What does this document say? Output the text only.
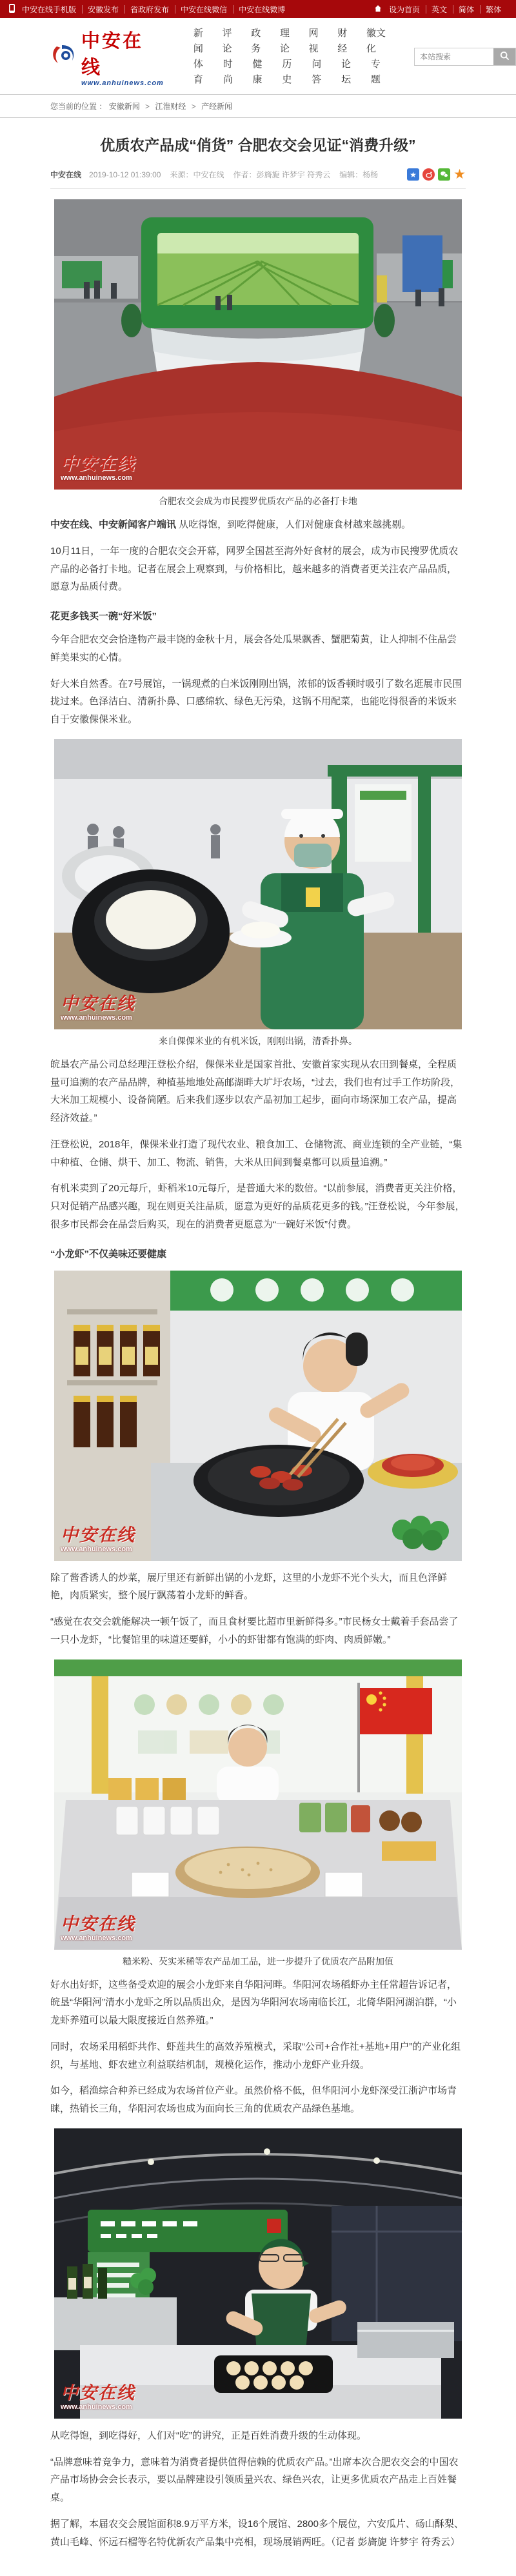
中安在线手机版	安徽发布	省政府发布	中安在线微信	中安在线微博	设为首页	英文	简体	繁体
中安在线
www.anhuinews.com
新闻
评论
政务
理论
网视
财经
徽文化
体育
时尚
健康
历史
问答
论坛
专 题
本站搜索
您当前的位置 ： 安徽新闻 > 江淮财经 > 产经新闻
优质农产品成“俏货” 合肥农交会见证“消费升级”
中安在线 2019-10-12 01:39:00 来源：中安在线 作者：彭旖旎 许梦宇 符秀云 编辑：杨杨	★	★
中安在线
www.anhuinews.com
合肥农交会成为市民搜罗优质农产品的必备打卡地

中安在线、中安新闻客户端讯 从吃得饱，到吃得健康，人们对健康食材越来越挑剔。

10月11日，一年一度的合肥农交会开幕，网罗全国甚至海外好食材的展会，成为市民搜罗优质农产品的必备打卡地。记者在展会上观察到，与价格相比，越来越多的消费者更关注农产品品质，愿意为品质付费。

花更多钱买一碗“好米饭”

今年合肥农交会恰逢物产最丰饶的金秋十月，展会各处瓜果飘香、蟹肥菊黄，让人抑制不住品尝鲜美果实的心情。

好大米自然香。在7号展馆，一锅现煮的白米饭刚刚出锅，浓郁的饭香顿时吸引了数名逛展市民围拢过来。色泽洁白、清新扑鼻、口感绵软、绿色无污染，这锅不用配菜，也能吃得很香的米饭来自于安徽倮倮米业。

中安在线
www.anhuinews.com
来自倮倮米业的有机米饭，刚刚出锅，清香扑鼻。

皖垦农产品公司总经理汪登松介绍，倮倮米业是国家首批、安徽首家实现从农田到餐桌，全程质量可追溯的农产品品牌，种植基地地处高邮湖畔大圹圩农场，“过去，我们也有过手工作坊阶段，大米加工规模小、设备简陋。后来我们逐步以农产品初加工起步，面向市场深加工农产品，提高经济效益。”

汪登松说，2018年，倮倮米业打造了现代农业、粮食加工、仓储物流、商业连锁的全产业链，“集中种植、仓储、烘干、加工、物流、销售，大米从田间到餐桌都可以质量追溯。”

有机米卖到了20元每斤，虾稻米10元每斤，是普通大米的数倍。“以前参展，消费者更关注价格，只对促销产品感兴趣，现在则更关注品质，愿意为更好的品质花更多的钱。”汪登松说，今年参展，很多市民都会在品尝后购买，现在的消费者更愿意为“一碗好米饭”付费。

“小龙虾”不仅美味还要健康
中安在线
www.anhuinews.com

除了酱香诱人的炒菜，展厅里还有新鲜出锅的小龙虾，这里的小龙虾不光个头大，而且色泽鲜艳，肉质紧实，整个展厅飘荡着小龙虾的鲜香。

“感觉在农交会就能解决一顿午饭了，而且食材要比超市里新鲜得多。”市民杨女士戴着手套品尝了一只小龙虾，“比餐馆里的味道还要鲜，小小的虾钳都有饱满的虾肉、肉质鲜嫩。”

中安在线
www.anhuinews.com
糙米粉、芡实米稀等农产品加工品，进一步提升了优质农产品附加值

好水出好虾，这些备受欢迎的展会小龙虾来自华阳河畔。华阳河农场稻虾办主任常超告诉记者，皖垦“华阳河”清水小龙虾之所以品质出众，是因为华阳河农场南临长江，北倚华阳河湖泊群，“小龙虾养殖可以最大限度接近自然养殖。”

同时，农场采用稻虾共作、虾莲共生的高效养殖模式，采取“公司+合作社+基地+用户”的产业化组织，与基地、虾农建立利益联结机制，规模化运作，推动小龙虾产业升级。

如今，稻渔综合种养已经成为农场首位产业。虽然价格不低，但华阳河小龙虾深受江浙沪市场青睐，热销长三角，华阳河农场也成为面向长三角的优质农产品绿色基地。

中安在线
www.anhuinews.com

从吃得饱，到吃得好，人们对“吃”的讲究，正是百姓消费升级的生动体现。

“品牌意味着竞争力，意味着为消费者提供值得信赖的优质农产品。”出席本次合肥农交会的中国农产品市场协会会长表示，要以品牌建设引领质量兴农、绿色兴农，让更多优质农产品走上百姓餐桌。

据了解，本届农交会展馆面积8.9万平方米，设16个展馆、2800多个展位，六安瓜片、砀山酥梨、黄山毛峰、怀远石榴等名特优新农产品集中亮相，现场展销两旺。（记者 彭旖旎 许梦宇 符秀云）
